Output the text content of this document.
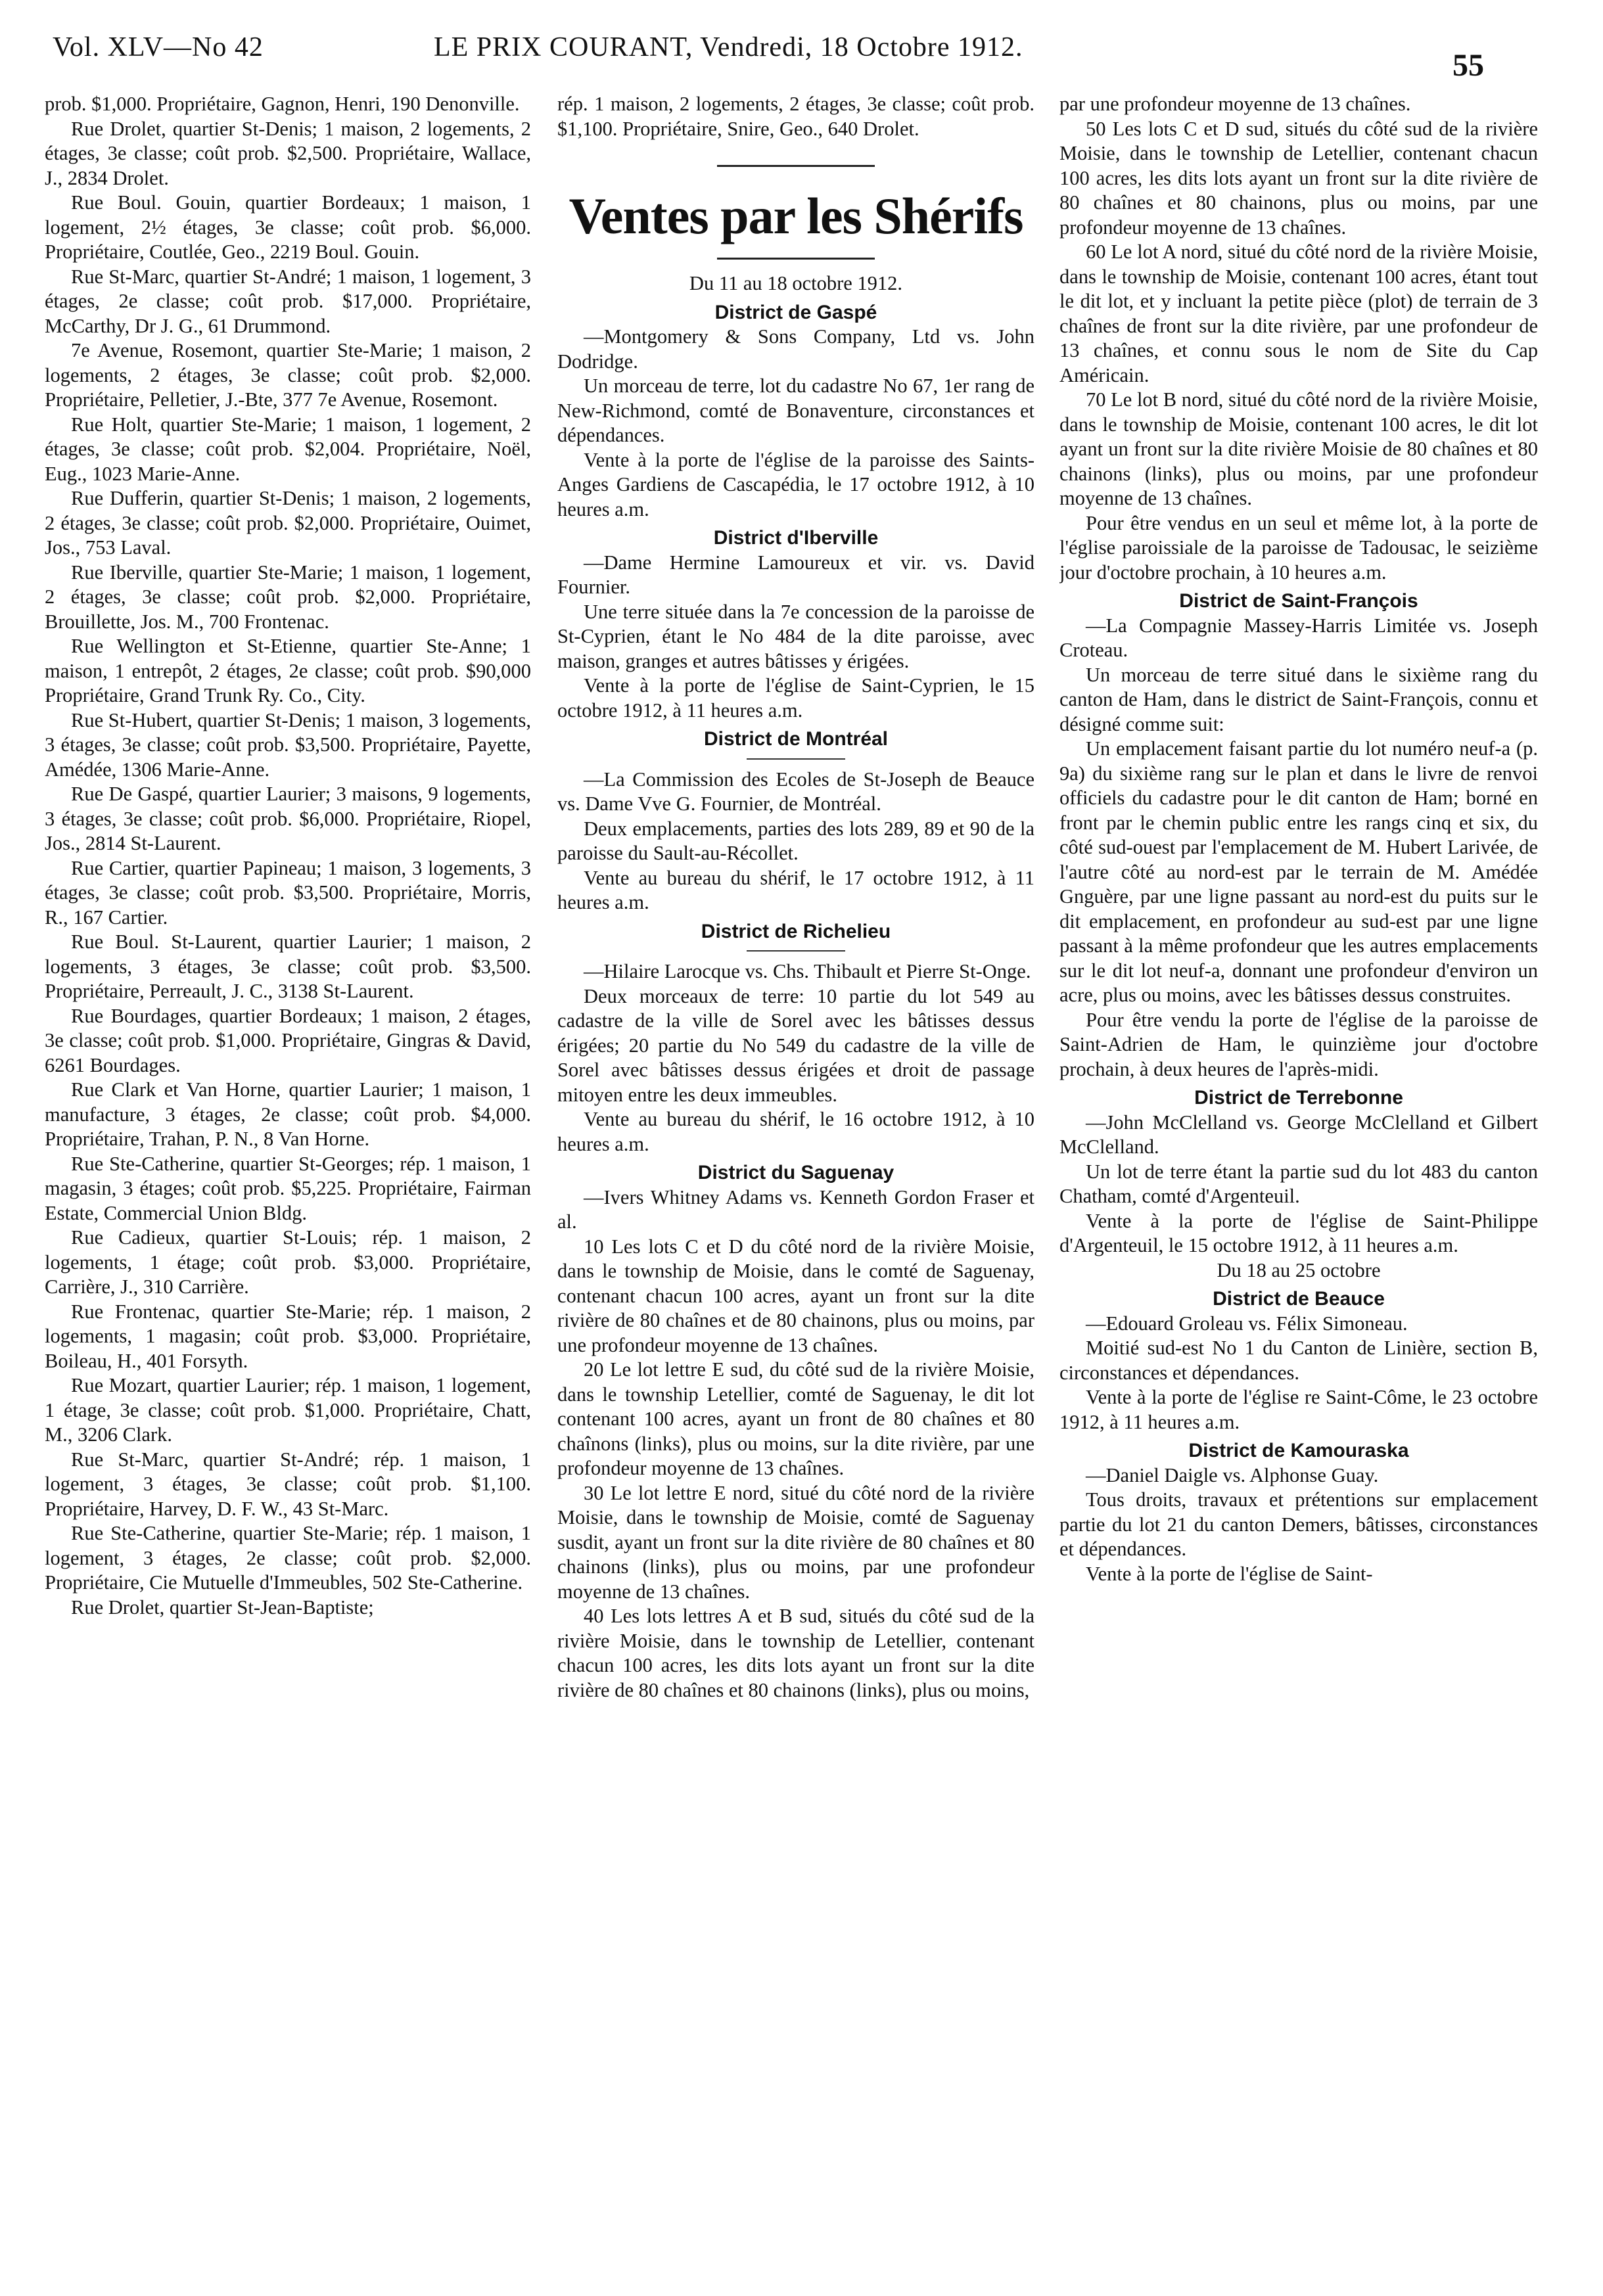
Vol. XLV—No 42	LE PRIX COURANT, Vendredi, 18 Octobre 1912.
55

prob. $1,000. Propriétaire, Gagnon, Henri, 190 Denonville.

Rue Drolet, quartier St-Denis; 1 maison, 2 logements, 2 étages, 3e classe; coût prob. $2,500. Propriétaire, Wallace, J., 2834 Drolet.

Rue Boul. Gouin, quartier Bordeaux; 1 maison, 1 logement, 2½ étages, 3e classe; coût prob. $6,000. Propriétaire, Coutlée, Geo., 2219 Boul. Gouin.

Rue St-Marc, quartier St-André; 1 maison, 1 logement, 3 étages, 2e classe; coût prob. $17,000. Propriétaire, McCarthy, Dr J. G., 61 Drummond.

7e Avenue, Rosemont, quartier Ste-Marie; 1 maison, 2 logements, 2 étages, 3e classe; coût prob. $2,000. Propriétaire, Pelletier, J.-Bte, 377 7e Avenue, Rosemont.

Rue Holt, quartier Ste-Marie; 1 maison, 1 logement, 2 étages, 3e classe; coût prob. $2,004. Propriétaire, Noël, Eug., 1023 Marie-Anne.

Rue Dufferin, quartier St-Denis; 1 maison, 2 logements, 2 étages, 3e classe; coût prob. $2,000. Propriétaire, Ouimet, Jos., 753 Laval.

Rue Iberville, quartier Ste-Marie; 1 maison, 1 logement, 2 étages, 3e classe; coût prob. $2,000. Propriétaire, Brouillette, Jos. M., 700 Frontenac.

Rue Wellington et St-Etienne, quartier Ste-Anne; 1 maison, 1 entrepôt, 2 étages, 2e classe; coût prob. $90,000 Propriétaire, Grand Trunk Ry. Co., City.

Rue St-Hubert, quartier St-Denis; 1 maison, 3 logements, 3 étages, 3e classe; coût prob. $3,500. Propriétaire, Payette, Amédée, 1306 Marie-Anne.

Rue De Gaspé, quartier Laurier; 3 maisons, 9 logements, 3 étages, 3e classe; coût prob. $6,000. Propriétaire, Riopel, Jos., 2814 St-Laurent.

Rue Cartier, quartier Papineau; 1 maison, 3 logements, 3 étages, 3e classe; coût prob. $3,500. Propriétaire, Morris, R., 167 Cartier.

Rue Boul. St-Laurent, quartier Laurier; 1 maison, 2 logements, 3 étages, 3e classe; coût prob. $3,500. Propriétaire, Perreault, J. C., 3138 St-Laurent.

Rue Bourdages, quartier Bordeaux; 1 maison, 2 étages, 3e classe; coût prob. $1,000. Propriétaire, Gingras & David, 6261 Bourdages.

Rue Clark et Van Horne, quartier Laurier; 1 maison, 1 manufacture, 3 étages, 2e classe; coût prob. $4,000. Propriétaire, Trahan, P. N., 8 Van Horne.

Rue Ste-Catherine, quartier St-Georges; rép. 1 maison, 1 magasin, 3 étages; coût prob. $5,225. Propriétaire, Fairman Estate, Commercial Union Bldg.

Rue Cadieux, quartier St-Louis; rép. 1 maison, 2 logements, 1 étage; coût prob. $3,000. Propriétaire, Carrière, J., 310 Carrière.

Rue Frontenac, quartier Ste-Marie; rép. 1 maison, 2 logements, 1 magasin; coût prob. $3,000. Propriétaire, Boileau, H., 401 Forsyth.

Rue Mozart, quartier Laurier; rép. 1 maison, 1 logement, 1 étage, 3e classe; coût prob. $1,000. Propriétaire, Chatt, M., 3206 Clark.

Rue St-Marc, quartier St-André; rép. 1 maison, 1 logement, 3 étages, 3e classe; coût prob. $1,100. Propriétaire, Harvey, D. F. W., 43 St-Marc.

Rue Ste-Catherine, quartier Ste-Marie; rép. 1 maison, 1 logement, 3 étages, 2e classe; coût prob. $2,000. Propriétaire, Cie Mutuelle d'Immeubles, 502 Ste-Catherine.

Rue Drolet, quartier St-Jean-Baptiste;

rép. 1 maison, 2 logements, 2 étages, 3e classe; coût prob. $1,100. Propriétaire, Snire, Geo., 640 Drolet.

Ventes par les Shérifs

Du 11 au 18 octobre 1912.

District de Gaspé

—Montgomery & Sons Company, Ltd vs. John Dodridge.

Un morceau de terre, lot du cadastre No 67, 1er rang de New-Richmond, comté de Bonaventure, circonstances et dépendances.

Vente à la porte de l'église de la paroisse des Saints-Anges Gardiens de Cascapédia, le 17 octobre 1912, à 10 heures a.m.

District d'Iberville

—Dame Hermine Lamoureux et vir. vs. David Fournier.

Une terre située dans la 7e concession de la paroisse de St-Cyprien, étant le No 484 de la dite paroisse, avec maison, granges et autres bâtisses y érigées.

Vente à la porte de l'église de Saint-Cyprien, le 15 octobre 1912, à 11 heures a.m.

District de Montréal

—La Commission des Ecoles de St-Joseph de Beauce vs. Dame Vve G. Fournier, de Montréal.

Deux emplacements, parties des lots 289, 89 et 90 de la paroisse du Sault-au-Récollet.

Vente au bureau du shérif, le 17 octobre 1912, à 11 heures a.m.

District de Richelieu

—Hilaire Larocque vs. Chs. Thibault et Pierre St-Onge.

Deux morceaux de terre: 10 partie du lot 549 au cadastre de la ville de Sorel avec les bâtisses dessus érigées; 20 partie du No 549 du cadastre de la ville de Sorel avec bâtisses dessus érigées et droit de passage mitoyen entre les deux immeubles.

Vente au bureau du shérif, le 16 octobre 1912, à 10 heures a.m.

District du Saguenay

—Ivers Whitney Adams vs. Kenneth Gordon Fraser et al.

10 Les lots C et D du côté nord de la rivière Moisie, dans le township de Moisie, dans le comté de Saguenay, contenant chacun 100 acres, ayant un front sur la dite rivière de 80 chaînes et de 80 chainons, plus ou moins, par une profondeur moyenne de 13 chaînes.

20 Le lot lettre E sud, du côté sud de la rivière Moisie, dans le township Letellier, comté de Saguenay, le dit lot contenant 100 acres, ayant un front de 80 chaînes et 80 chaînons (links), plus ou moins, sur la dite rivière, par une profondeur moyenne de 13 chaînes.

30 Le lot lettre E nord, situé du côté nord de la rivière Moisie, dans le township de Moisie, comté de Saguenay susdit, ayant un front sur la dite rivière de 80 chaînes et 80 chainons (links), plus ou moins, par une profondeur moyenne de 13 chaînes.

40 Les lots lettres A et B sud, situés du côté sud de la rivière Moisie, dans le township de Letellier, contenant chacun 100 acres, les dits lots ayant un front sur la dite rivière de 80 chaînes et 80 chainons (links), plus ou moins,

par une profondeur moyenne de 13 chaînes.

50 Les lots C et D sud, situés du côté sud de la rivière Moisie, dans le township de Letellier, contenant chacun 100 acres, les dits lots ayant un front sur la dite rivière de 80 chaînes et 80 chainons, plus ou moins, par une profondeur moyenne de 13 chaînes.

60 Le lot A nord, situé du côté nord de la rivière Moisie, dans le township de Moisie, contenant 100 acres, étant tout le dit lot, et y incluant la petite pièce (plot) de terrain de 3 chaînes de front sur la dite rivière, par une profondeur de 13 chaînes, et connu sous le nom de Site du Cap Américain.

70 Le lot B nord, situé du côté nord de la rivière Moisie, dans le township de Moisie, contenant 100 acres, le dit lot ayant un front sur la dite rivière Moisie de 80 chaînes et 80 chainons (links), plus ou moins, par une profondeur moyenne de 13 chaînes.

Pour être vendus en un seul et même lot, à la porte de l'église paroissiale de la paroisse de Tadousac, le seizième jour d'octobre prochain, à 10 heures a.m.

District de Saint-François

—La Compagnie Massey-Harris Limitée vs. Joseph Croteau.

Un morceau de terre situé dans le sixième rang du canton de Ham, dans le district de Saint-François, connu et désigné comme suit:

Un emplacement faisant partie du lot numéro neuf-a (p. 9a) du sixième rang sur le plan et dans le livre de renvoi officiels du cadastre pour le dit canton de Ham; borné en front par le chemin public entre les rangs cinq et six, du côté sud-ouest par l'emplacement de M. Hubert Larivée, de l'autre côté au nord-est par le terrain de M. Amédée Gnguère, par une ligne passant au nord-est du puits sur le dit emplacement, en profondeur au sud-est par une ligne passant à la même profondeur que les autres emplacements sur le dit lot neuf-a, donnant une profondeur d'environ un acre, plus ou moins, avec les bâtisses dessus construites.

Pour être vendu la porte de l'église de la paroisse de Saint-Adrien de Ham, le quinzième jour d'octobre prochain, à deux heures de l'après-midi.

District de Terrebonne

—John McClelland vs. George McClelland et Gilbert McClelland.

Un lot de terre étant la partie sud du lot 483 du canton Chatham, comté d'Argenteuil.

Vente à la porte de l'église de Saint-Philippe d'Argenteuil, le 15 octobre 1912, à 11 heures a.m.

Du 18 au 25 octobre

District de Beauce

—Edouard Groleau vs. Félix Simoneau.

Moitié sud-est No 1 du Canton de Linière, section B, circonstances et dépendances.

Vente à la porte de l'église re Saint-Côme, le 23 octobre 1912, à 11 heures a.m.

District de Kamouraska

—Daniel Daigle vs. Alphonse Guay.

Tous droits, travaux et prétentions sur emplacement partie du lot 21 du canton Demers, bâtisses, circonstances et dépendances.

Vente à la porte de l'église de Saint-
